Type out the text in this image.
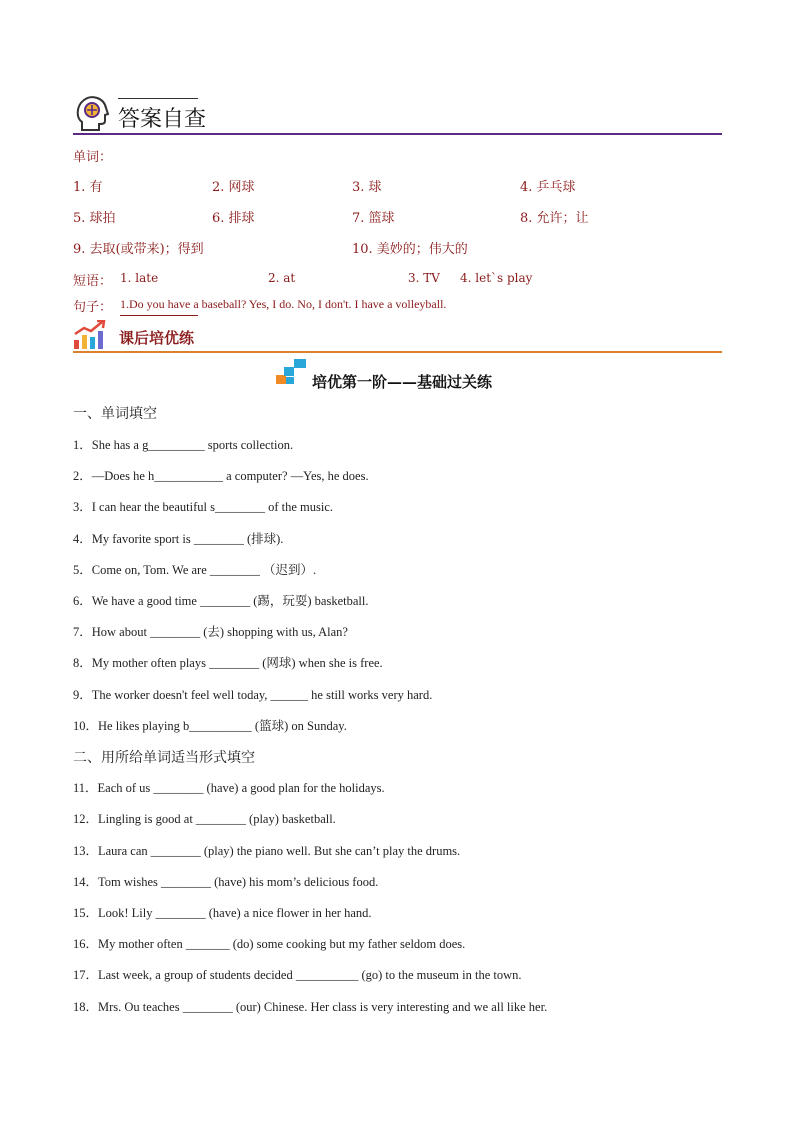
答案自查
单词：
1. 有	2. 网球	3. 球	4. 乒乓球
5. 球拍	6. 排球	7. 篮球	8. 允许；让
9. 去取(或带来)；得到	10. 美妙的；伟大的
短语： 1. late	2. at	3. TV 4. let`s play
句子： 1.Do you have a baseball? Yes, I do. No, I don't. I have a volleyball.
课后培优练
培优第一阶——基础过关练
一、单词填空
1．She has a g_________ sports collection.
2．—Does he h___________ a computer? —Yes, he does.
3．I can hear the beautiful s________ of the music.
4．My favorite sport is ________ (排球).
5．Come on, Tom. We are ________ （迟到）.
6．We have a good time ________ (踢，玩耍) basketball.
7．How about ________ (去) shopping with us, Alan?
8．My mother often plays ________ (网球) when she is free.
9．The worker doesn't feel well today, ______ he still works very hard.
10．He likes playing b__________ (篮球) on Sunday.
二、用所给单词适当形式填空
11．Each of us ________ (have) a good plan for the holidays.
12．Lingling is good at ________ (play) basketball.
13．Laura can ________ (play) the piano well. But she can’t play the drums.
14．Tom wishes ________ (have) his mom’s delicious food.
15．Look! Lily ________ (have) a nice flower in her hand.
16．My mother often _______ (do) some cooking but my father seldom does.
17．Last week, a group of students decided __________ (go) to the museum in the town.
18．Mrs. Ou teaches ________ (our) Chinese. Her class is very interesting and we all like her.
